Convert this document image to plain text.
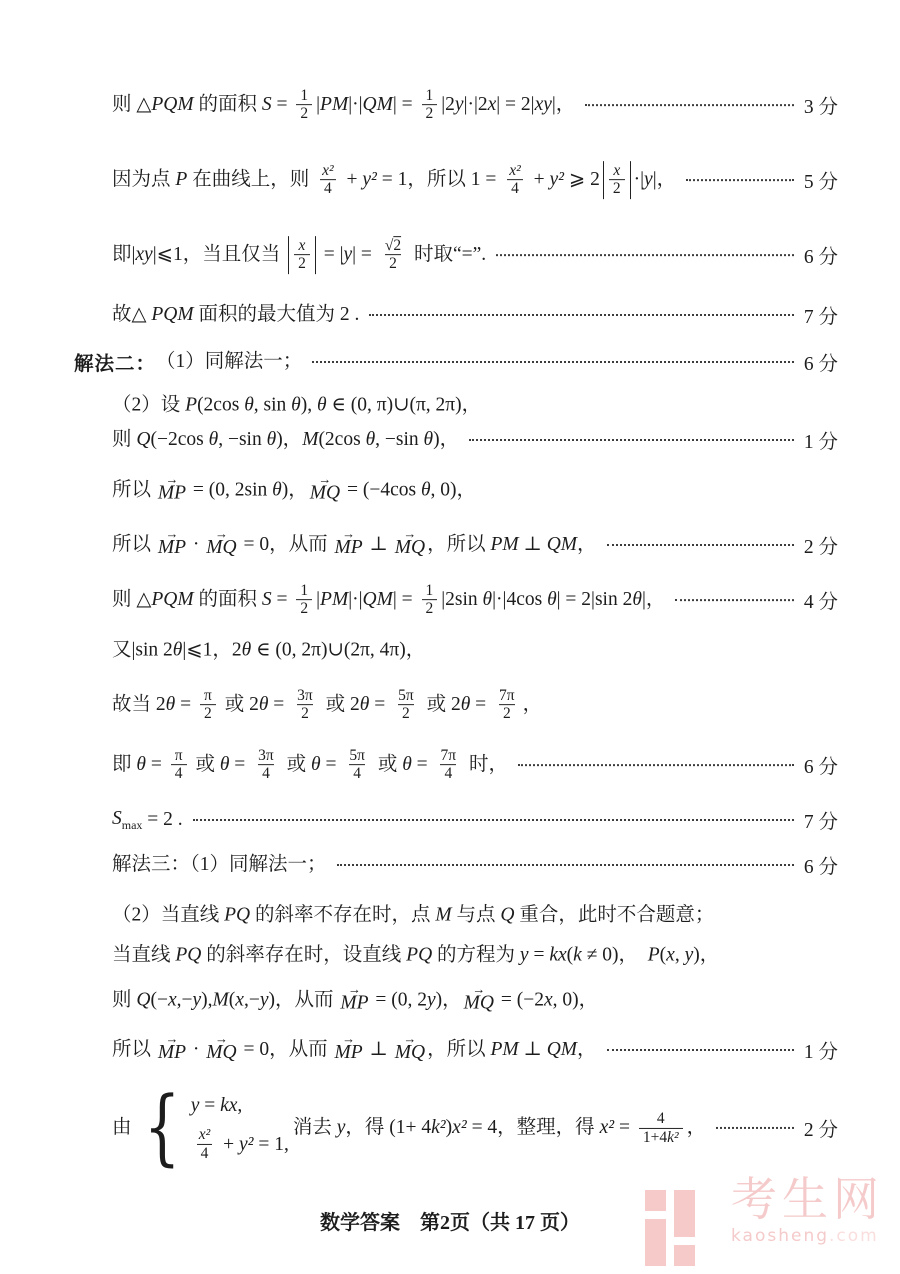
则 △ PQM 的面积 $S = \frac{1}{2}$ | PM |·| QM | = $\frac{1}{2} |2$ y |·|2 x | = 2| xy |，	3 分
因为点 P 在曲线上，则 $\frac{\text{x²}}{4} + y^2 = 1$，所以 $1 = \frac{\text{x²}}{4} + y^2$ ⩾ $2 \frac{x}{2}$ ·| y |，	5 分
即| xy |⩽1，当且仅当 $\frac{x}{2}$ = | y | = $\frac{√2}{2}$ 时取“=”.	6 分
故△ PQM 面积的最大值为 2 .	7 分
解法二： （1）同解法一；	6 分
（2）设 P (2cos θ , sin θ ), θ ∈ (0, π)∪(π, 2π)，
则 Q (−2cos θ , −sin θ )， M (2cos θ , −sin θ )，	1 分
所以
→
MP = (0, 2sin θ )，
→
MQ = (−4cos θ , 0)，
所以
→
MP ·
→
MQ = 0，从而
→
MP ⊥
→
MQ ，所以 PM ⊥ QM ，	2 分
则 △ PQM 的面积 $S = \frac{1}{2}$ | PM |·| QM | = $\frac{1}{2} |2\sin$ θ |·|4cos θ | = 2|sin 2 θ |，	4 分
又|sin 2 θ |⩽1，2 θ ∈ (0, 2π)∪(2π, 4π)，
故当 2 $\theta = \frac{\pi}{2}$ 或 2 $\theta = \frac{3\pi}{2}$ 或 2 $\theta = \frac{5\pi}{2}$ 或 2 $\theta = \frac{7\pi}{2}$ ，
即 $\theta = \frac{\pi}{4}$ 或 $\theta = \frac{3\pi}{4}$ 或 $\theta = \frac{5\pi}{4}$ 或 $\theta = \frac{7\pi}{4}$ 时，	6 分
$S_{max} = 2$ .	7 分
解法三：（1）同解法一；	6 分
（2）当直线 PQ 的斜率不存在时，点 M 与点 Q 重合，此时不合题意；
当直线 PQ 的斜率存在时，设直线 PQ 的方程为 y = kx ( k ≠ 0)， P ( x , y )，
则 Q (− x ,− y ), M ( x ,− y )，从而
→
MP = (0, 2 y )，
→
MQ = (−2 x , 0)，
所以
→
MP ·
→
MQ = 0，从而
→
MP ⊥
→
MQ ，所以 PM ⊥ QM ，	1 分
由 { y = kx ,
$\frac{\text{x²}}{4} + y^2 = 1$,
消去 y ，得 (1+ 4 k² ) x² = 4，整理，得 $x^2 = \frac{4}{\text{1+4k²}}$ ，	2 分
数学答案　第2页（共 17 页）	考生网
kaosheng.com
